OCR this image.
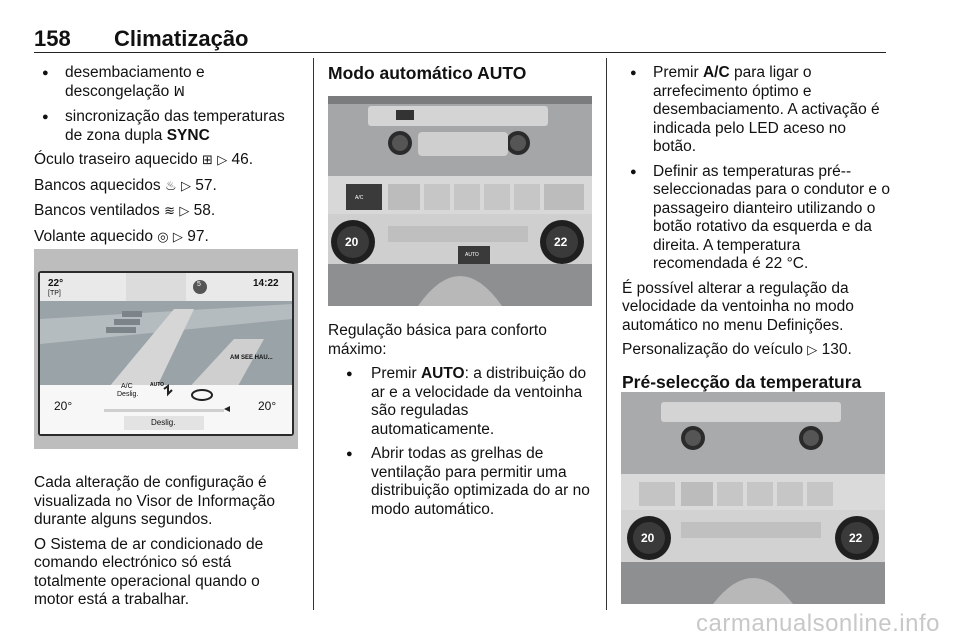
158 Climatização
● desembaciamento e descongelação ꟽ
● sincronização das temperaturas de zona dupla SYNC

Óculo traseiro aquecido ⊞ ▷ 46.

Bancos aquecidos ♨ ▷ 57.

Bancos ventilados ≋ ▷ 58.

Volante aquecido ◎ ▷ 97.

22°
[TP]
5	14:22
AM SEE HAU...
A/C
Deslig.
AUTO
20°	20°
Deslig.

Cada alteração de configuração é visualizada no Visor de Informação durante alguns segundos.

O Sistema de ar condicionado de comando electrónico só está totalmente operacional quando o motor está a trabalhar.

Modo automático AUTO
A/C
AUTO
20	22

Regulação básica para conforto máximo:

● Premir AUTO: a distribuição do ar e a velocidade da ventoinha são reguladas automaticamente.
● Abrir todas as grelhas de ventilação para permitir uma distribuição optimizada do ar no modo automático.
● Premir A/C para ligar o arrefecimento óptimo e desembaciamento. A activação é indicada pelo LED aceso no botão.
● Definir as temperaturas pré--seleccionadas para o condutor e o passageiro dianteiro utilizando o botão rotativo da esquerda e da direita. A temperatura recomendada é 22 °C.

É possível alterar a regulação da velocidade da ventoinha no modo automático no menu Definições.

Personalização do veículo ▷ 130.

Pré-selecção da temperatura
20	22
carmanualsonline.info
